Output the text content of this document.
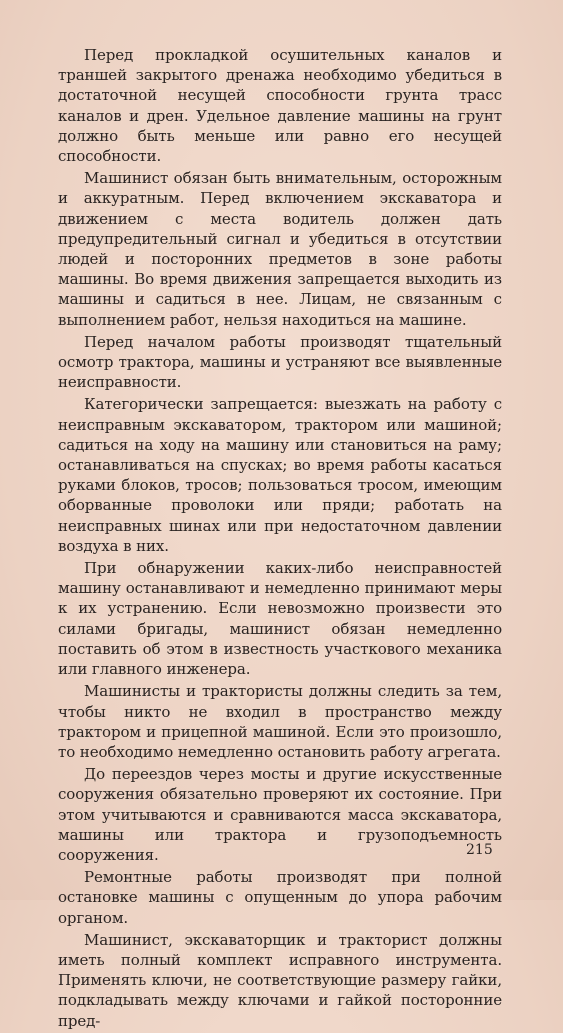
Перед прокладкой осушительных каналов и траншей закрытого дренажа необходимо убедиться в достаточной несущей способности грунта трасс каналов и дрен. Удельное давление машины на грунт должно быть меньше или равно его несущей способности.

Машинист обязан быть внимательным, осторожным и аккуратным. Перед включением экскаватора и движением с места водитель должен дать предупредительный сигнал и убедиться в отсутствии людей и посторонних предметов в зоне работы машины. Во время движения запрещается выходить из машины и садиться в нее. Лицам, не связанным с выполнением работ, нельзя находиться на машине.

Перед началом работы производят тщательный осмотр трактора, машины и устраняют все выявленные неисправности.

Категорически запрещается: выезжать на работу с неисправным экскаватором, трактором или машиной; садиться на ходу на машину или становиться на раму; останавливаться на спусках; во время работы касаться руками блоков, тросов; пользоваться тросом, имеющим оборванные проволоки или пряди; работать на неисправных шинах или при недостаточном давлении воздуха в них.

При обнаружении каких-либо неисправностей машину останавливают и немедленно принимают меры к их устранению. Если невозможно произвести это силами бригады, машинист обязан немедленно поставить об этом в известность участкового механика или главного инженера.

Машинисты и трактористы должны следить за тем, чтобы никто не входил в пространство между трактором и прицепной машиной. Если это произошло, то необходимо немедленно остановить работу агрегата.

До переездов через мосты и другие искусственные сооружения обязательно проверяют их состояние. При этом учитываются и сравниваются масса экскаватора, машины или трактора и грузоподъемность сооружения.

Ремонтные работы производят при полной остановке машины с опущенным до упора рабочим органом.

Машинист, экскаваторщик и тракторист должны иметь полный комплект исправного инструмента. Применять ключи, не соответствующие размеру гайки, подкладывать между ключами и гайкой посторонние пред-

215
